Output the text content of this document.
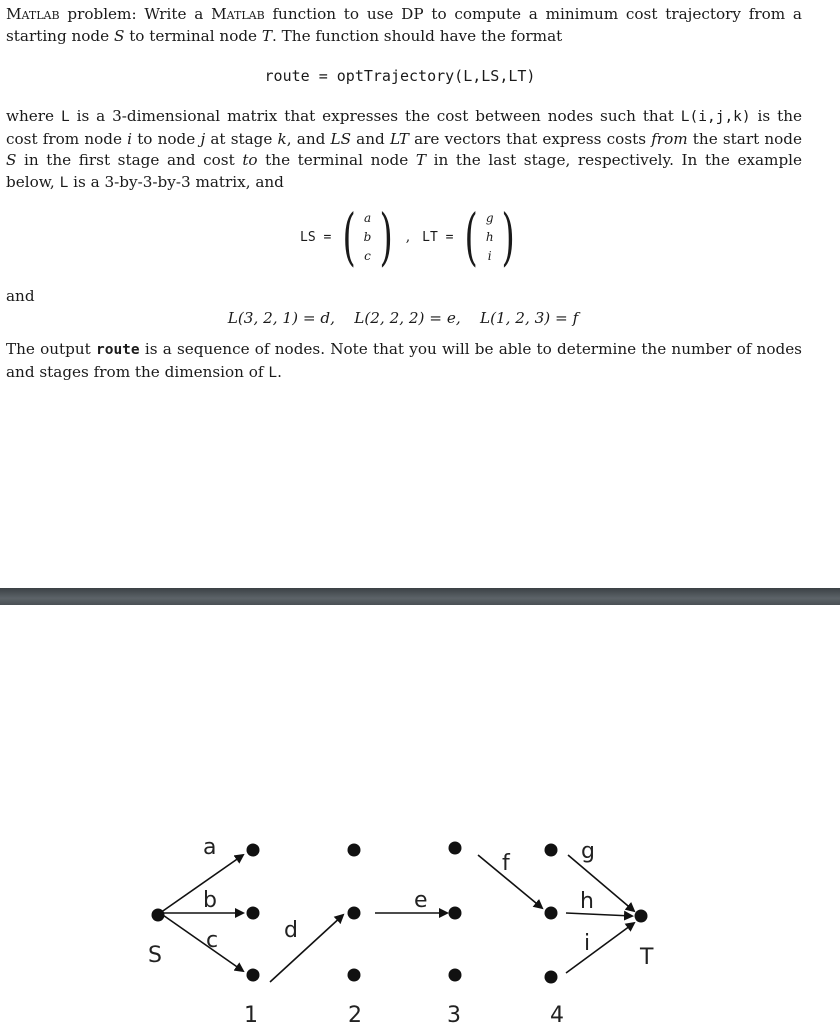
Matlab problem: Write a Matlab function to use DP to compute a minimum cost trajectory from a starting node S to terminal node T. The function should have the format
route = optTrajectory(L,LS,LT)
where L is a 3-dimensional matrix that expresses the cost between nodes such that L(i,j,k) is the cost from node i to node j at stage k, and LS and LT are vectors that express costs from the start node S in the first stage and cost to the terminal node T in the last stage, respectively. In the example below, L is a 3-by-3-by-3 matrix, and
LS = ( a
b
c ) , LT = ( g
h
i )
and
L(3, 2, 1) = d,    L(2, 2, 2) = e,    L(1, 2, 3) = f
The output route is a sequence of nodes. Note that you will be able to determine the number of nodes and stages from the dimension of L.
S	T
a
b
c	d
e
f	g
h
i
1	2	3	4
